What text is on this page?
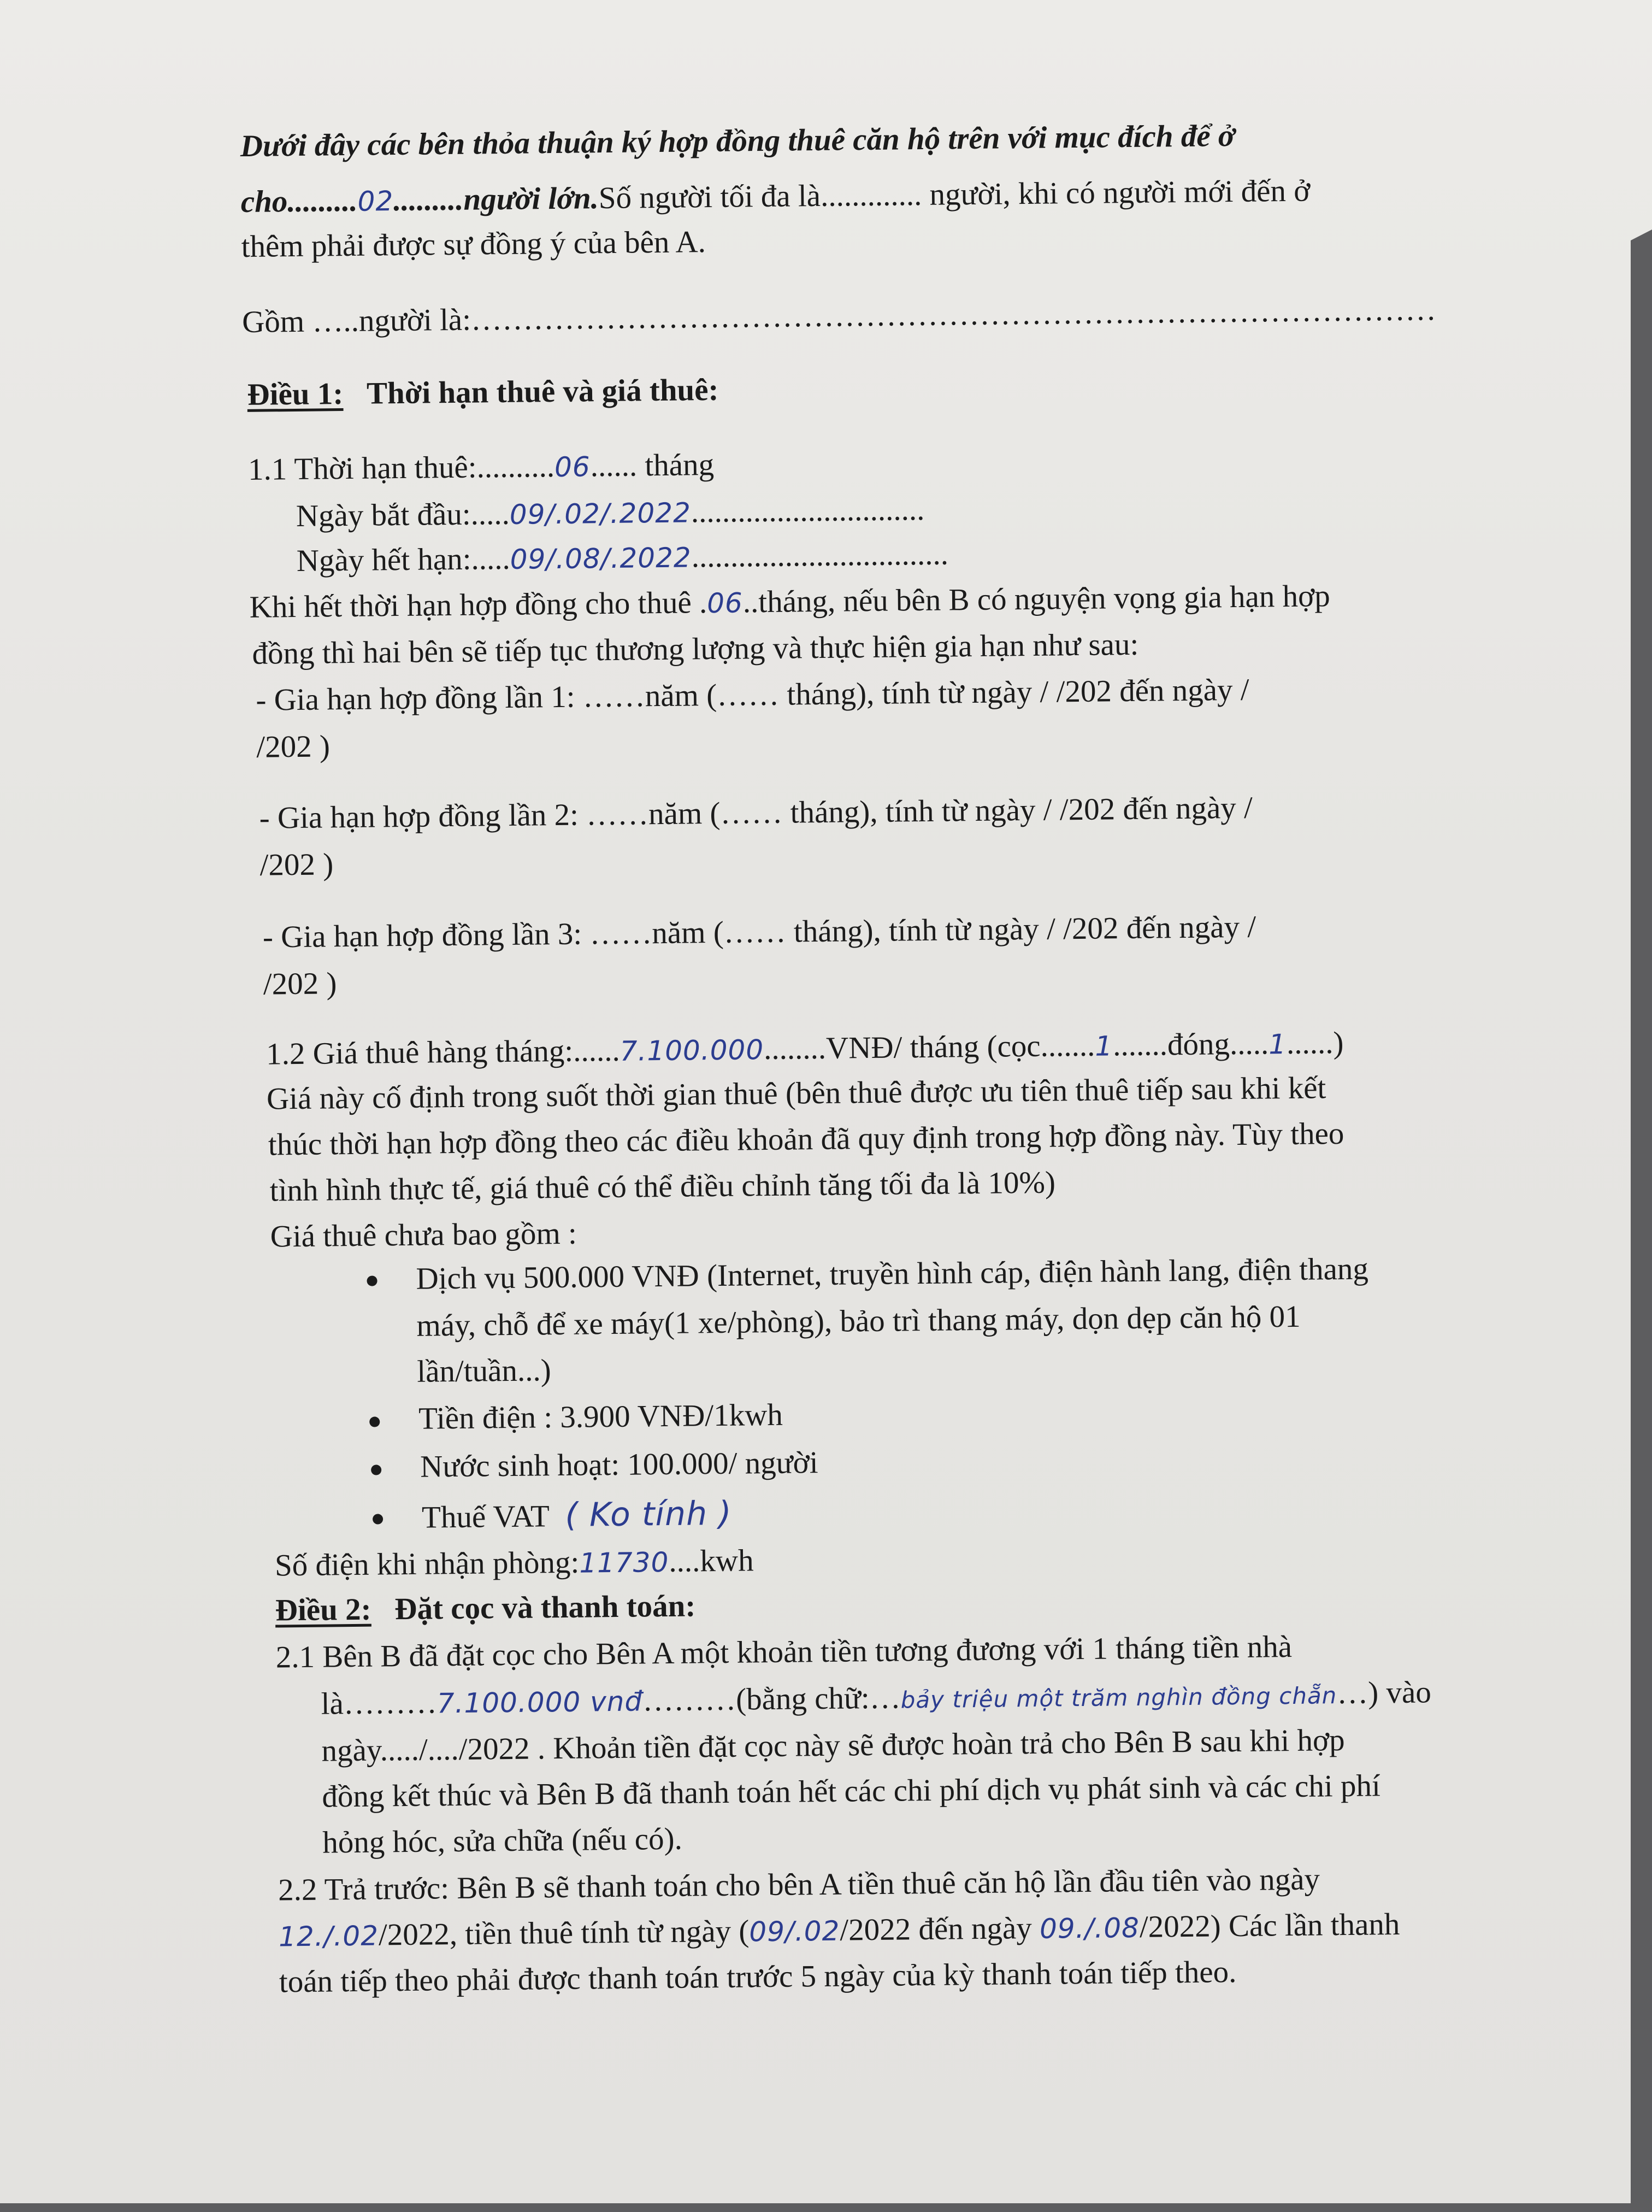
Dưới đây các bên thỏa thuận ký hợp đồng thuê căn hộ trên với mục đích để ở
cho.........02.........người lớn.Số người tối đa là............. người, khi có người mới đến ở
thêm phải được sự đồng ý của bên A.
Gồm …..người là:…………………………………………………………………………………
Điều 1: Thời hạn thuê và giá thuê:
1.1 Thời hạn thuê:..........06...... tháng
Ngày bắt đầu:.....09/.02/.2022..............................
Ngày hết hạn:.....09/.08/.2022.................................
Khi hết thời hạn hợp đồng cho thuê .06..tháng, nếu bên B có nguyện vọng gia hạn hợp
đồng thì hai bên sẽ tiếp tục thương lượng và thực hiện gia hạn như sau:
- Gia hạn hợp đồng lần 1: ……năm (…… tháng), tính từ ngày / /202 đến ngày /
/202 )
- Gia hạn hợp đồng lần 2: ……năm (…… tháng), tính từ ngày / /202 đến ngày /
/202 )
- Gia hạn hợp đồng lần 3: ……năm (…… tháng), tính từ ngày / /202 đến ngày /
/202 )
1.2 Giá thuê hàng tháng:......7.100.000........VNĐ/ tháng (cọc.......1.......đóng.....1......)
Giá này cố định trong suốt thời gian thuê (bên thuê được ưu tiên thuê tiếp sau khi kết
thúc thời hạn hợp đồng theo các điều khoản đã quy định trong hợp đồng này. Tùy theo
tình hình thực tế, giá thuê có thể điều chỉnh tăng tối đa là 10%)
Giá thuê chưa bao gồm :
Dịch vụ 500.000 VNĐ (Internet, truyền hình cáp, điện hành lang, điện thang
máy, chỗ để xe máy(1 xe/phòng), bảo trì thang máy, dọn dẹp căn hộ 01
lần/tuần...)
Tiền điện : 3.900 VNĐ/1kwh
Nước sinh hoạt: 100.000/ người
Thuế VAT ( Ko tính )
Số điện khi nhận phòng:11730....kwh
Điều 2: Đặt cọc và thanh toán:
2.1 Bên B đã đặt cọc cho Bên A một khoản tiền tương đương với 1 tháng tiền nhà
là………7.100.000 vnđ………(bằng chữ:…bảy triệu một trăm nghìn đồng chẵn…) vào
ngày...../..../2022 . Khoản tiền đặt cọc này sẽ được hoàn trả cho Bên B sau khi hợp
đồng kết thúc và Bên B đã thanh toán hết các chi phí dịch vụ phát sinh và các chi phí
hỏng hóc, sửa chữa (nếu có).
2.2 Trả trước: Bên B sẽ thanh toán cho bên A tiền thuê căn hộ lần đầu tiên vào ngày
12./.02/2022, tiền thuê tính từ ngày (09/.02/2022 đến ngày 09./.08/2022) Các lần thanh
toán tiếp theo phải được thanh toán trước 5 ngày của kỳ thanh toán tiếp theo.
